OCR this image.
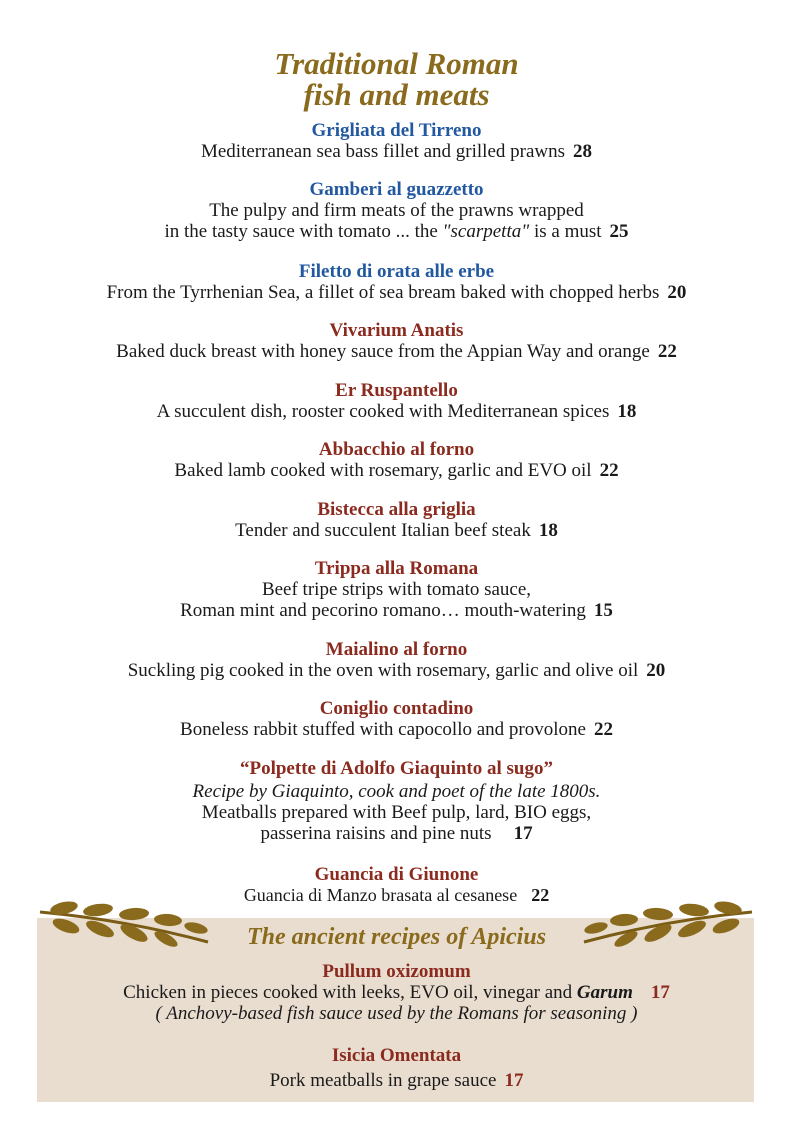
Traditional Roman
fish and meats
Grigliata del Tirreno
Mediterranean sea bass fillet and grilled prawns 28
Gamberi al guazzetto
The pulpy and firm meats of the prawns wrapped
in the tasty sauce with tomato ... the "scarpetta" is a must 25
Filetto di orata alle erbe
From the Tyrrhenian Sea, a fillet of sea bream baked with chopped herbs 20
Vivarium Anatis
Baked duck breast with honey sauce from the Appian Way and orange 22
Er Ruspantello
A succulent dish, rooster cooked with Mediterranean spices 18
Abbacchio al forno
Baked lamb cooked with rosemary, garlic and EVO oil 22
Bistecca alla griglia
Tender and succulent Italian beef steak 18
Trippa alla Romana
Beef tripe strips with tomato sauce,
Roman mint and pecorino romano… mouth-watering 15
Maialino al forno
Suckling pig cooked in the oven with rosemary, garlic and olive oil 20
Coniglio contadino
Boneless rabbit stuffed with capocollo and provolone 22
“Polpette di Adolfo Giaquinto al sugo”
Recipe by Giaquinto, cook and poet of the late 1800s.
Meatballs prepared with Beef pulp, lard, BIO eggs,
passerina raisins and pine nuts 17
Guancia di Giunone
Guancia di Manzo brasata al cesanese 22
The ancient recipes of Apicius
Pullum oxizomum
Chicken in pieces cooked with leeks, EVO oil, vinegar and Garum 17
( Anchovy-based fish sauce used by the Romans for seasoning )
Isicia Omentata
Pork meatballs in grape sauce 17
